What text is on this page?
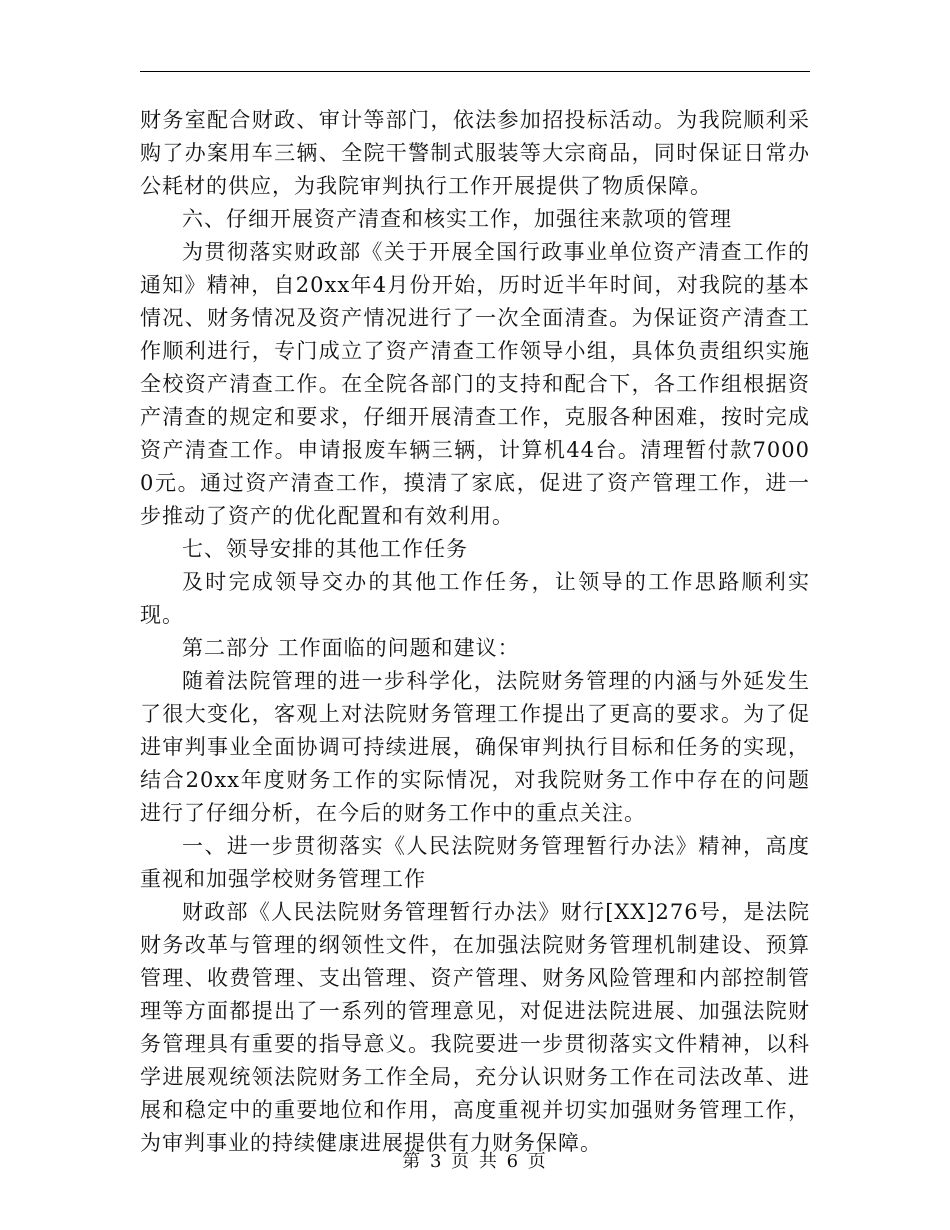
财务室配合财政、审计等部门，依法参加招投标活动。为我院顺利采购了办案用车三辆、全院干警制式服装等大宗商品，同时保证日常办公耗材的供应，为我院审判执行工作开展提供了物质保障。

六、仔细开展资产清查和核实工作，加强往来款项的管理

为贯彻落实财政部《关于开展全国行政事业单位资产清查工作的通知》精神，自20xx年4月份开始，历时近半年时间，对我院的基本情况、财务情况及资产情况进行了一次全面清查。为保证资产清查工作顺利进行，专门成立了资产清查工作领导小组，具体负责组织实施全校资产清查工作。在全院各部门的支持和配合下，各工作组根据资产清查的规定和要求，仔细开展清查工作，克服各种困难，按时完成资产清查工作。申请报废车辆三辆，计算机44台。清理暂付款70000元。通过资产清查工作，摸清了家底，促进了资产管理工作，进一步推动了资产的优化配置和有效利用。

七、领导安排的其他工作任务

及时完成领导交办的其他工作任务，让领导的工作思路顺利实现。

第二部分 工作面临的问题和建议：

随着法院管理的进一步科学化，法院财务管理的内涵与外延发生了很大变化，客观上对法院财务管理工作提出了更高的要求。为了促进审判事业全面协调可持续进展，确保审判执行目标和任务的实现，结合20xx年度财务工作的实际情况，对我院财务工作中存在的问题进行了仔细分析，在今后的财务工作中的重点关注。

一、进一步贯彻落实《人民法院财务管理暂行办法》精神，高度重视和加强学校财务管理工作

财政部《人民法院财务管理暂行办法》财行[XX]276号，是法院财务改革与管理的纲领性文件，在加强法院财务管理机制建设、预算管理、收费管理、支出管理、资产管理、财务风险管理和内部控制管理等方面都提出了一系列的管理意见，对促进法院进展、加强法院财务管理具有重要的指导意义。我院要进一步贯彻落实文件精神，以科学进展观统领法院财务工作全局，充分认识财务工作在司法改革、进展和稳定中的重要地位和作用，高度重视并切实加强财务管理工作，为审判事业的持续健康进展提供有力财务保障。

第 3 页 共 6 页
